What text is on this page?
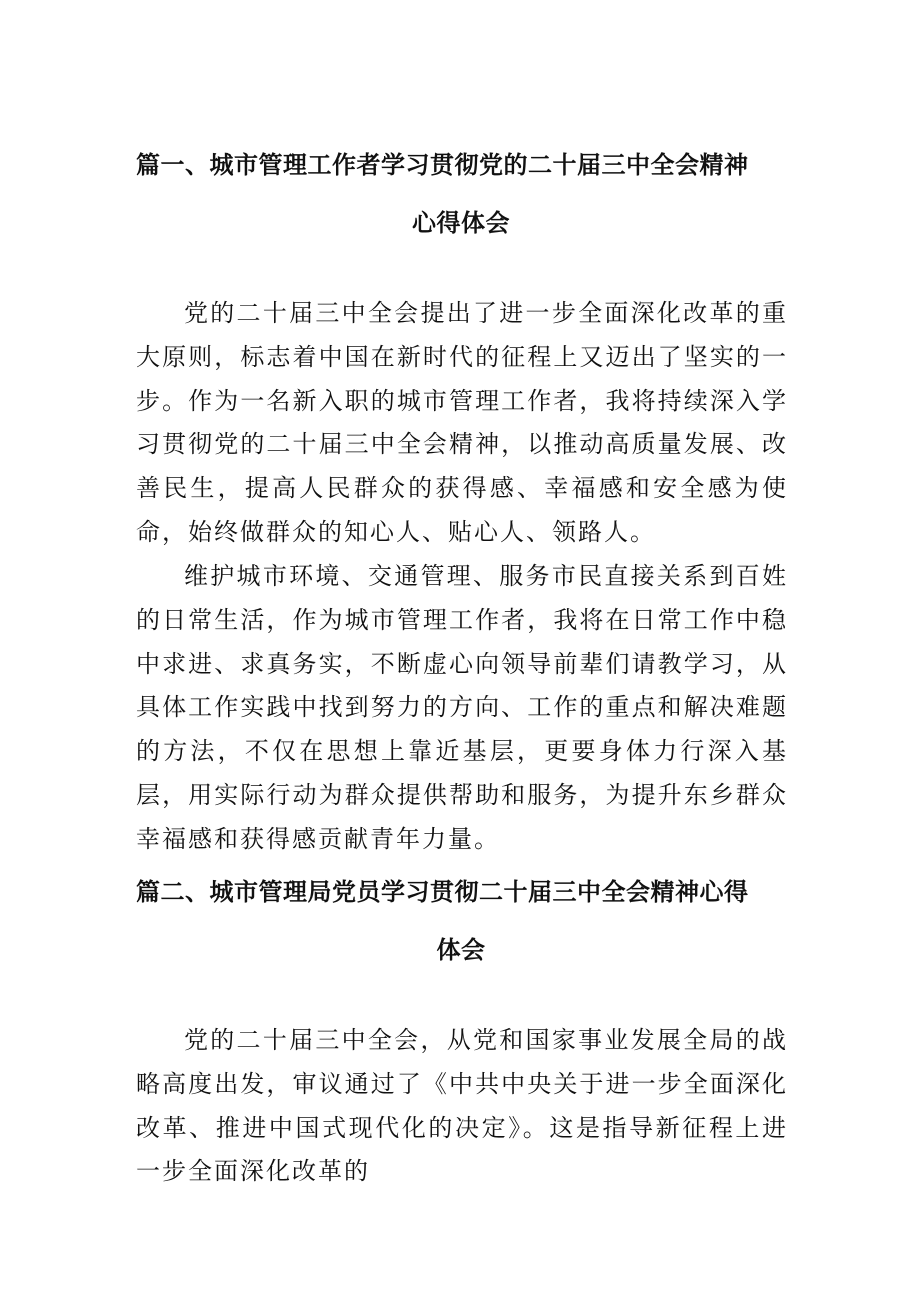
篇一、城市管理工作者学习贯彻党的二十届三中全会精神
心得体会

党的二十届三中全会提出了进一步全面深化改革的重大原则，标志着中国在新时代的征程上又迈出了坚实的一步。作为一名新入职的城市管理工作者，我将持续深入学习贯彻党的二十届三中全会精神，以推动高质量发展、改善民生，提高人民群众的获得感、幸福感和安全感为使命，始终做群众的知心人、贴心人、领路人。

维护城市环境、交通管理、服务市民直接关系到百姓的日常生活，作为城市管理工作者，我将在日常工作中稳中求进、求真务实，不断虚心向领导前辈们请教学习，从具体工作实践中找到努力的方向、工作的重点和解决难题的方法，不仅在思想上靠近基层，更要身体力行深入基层，用实际行动为群众提供帮助和服务，为提升东乡群众幸福感和获得感贡献青年力量。

篇二、城市管理局党员学习贯彻二十届三中全会精神心得
体会

党的二十届三中全会，从党和国家事业发展全局的战略高度出发，审议通过了《中共中央关于进一步全面深化改革、推进中国式现代化的决定》。这是指导新征程上进一步全面深化改革的
